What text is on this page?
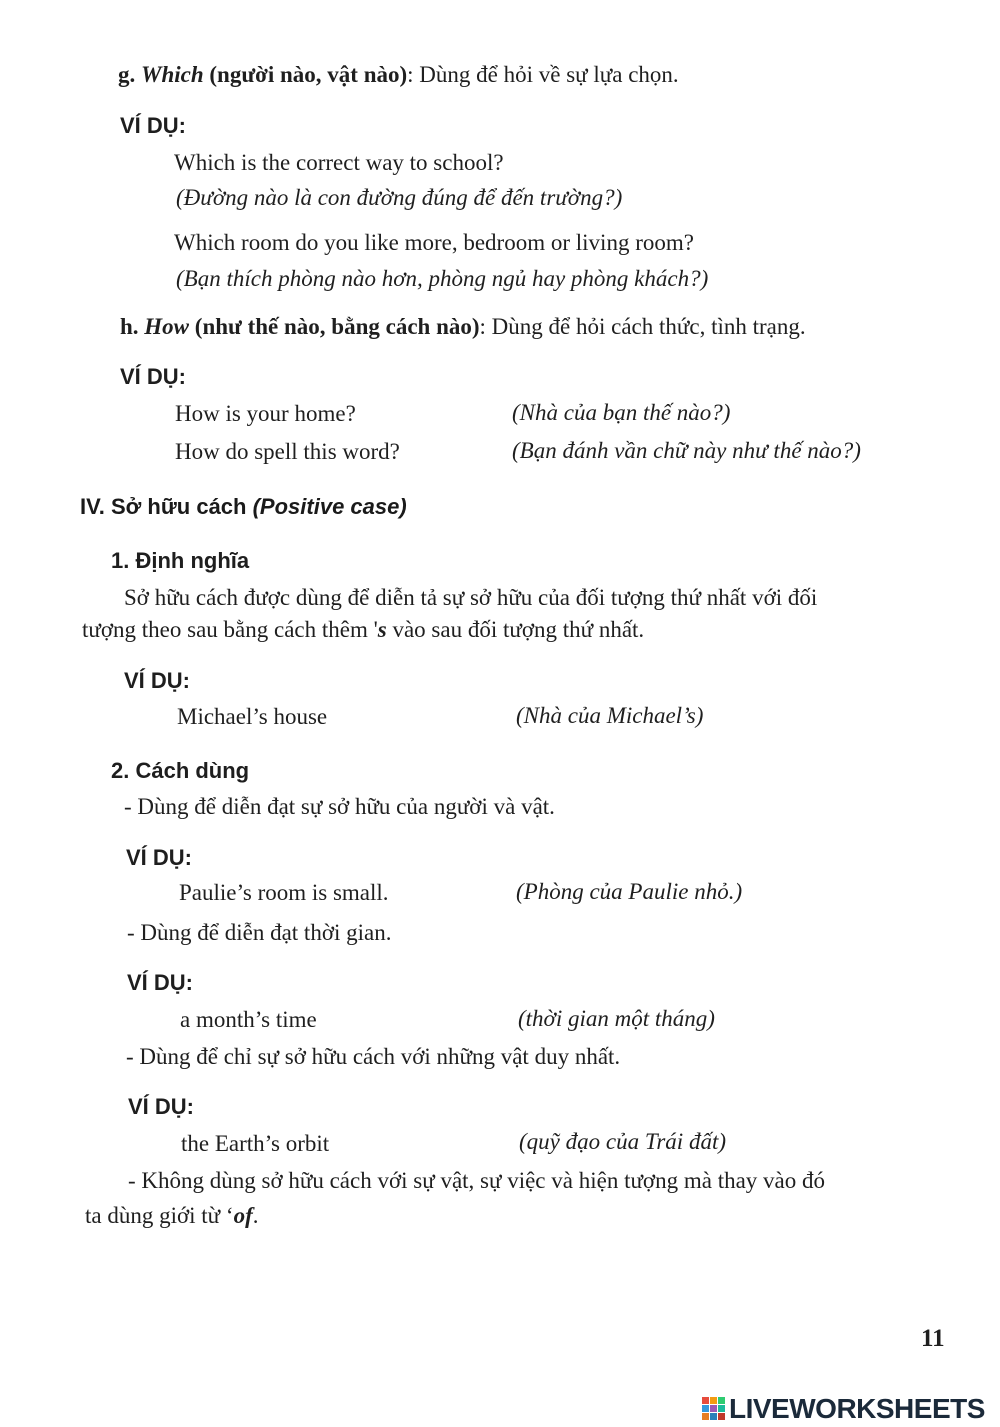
g. Which (người nào, vật nào): Dùng để hỏi về sự lựa chọn.
VÍ DỤ:
Which is the correct way to school?
(Đường nào là con đường đúng để đến trường?)
Which room do you like more, bedroom or living room?
(Bạn thích phòng nào hơn, phòng ngủ hay phòng khách?)
h. How (như thế nào, bằng cách nào): Dùng để hỏi cách thức, tình trạng.
VÍ DỤ:
How is your home?	(Nhà của bạn thế nào?)
How do spell this word?	(Bạn đánh vần chữ này như thế nào?)
IV. Sở hữu cách (Positive case)
1. Định nghĩa
Sở hữu cách được dùng để diễn tả sự sở hữu của đối tượng thứ nhất với đối
tượng theo sau bằng cách thêm 's vào sau đối tượng thứ nhất.
VÍ DỤ:
Michael’s house	(Nhà của Michael’s)
2. Cách dùng
- Dùng để diễn đạt sự sở hữu của người và vật.
VÍ DỤ:
Paulie’s room is small.	(Phòng của Paulie nhỏ.)
- Dùng để diễn đạt thời gian.
VÍ DỤ:
a month’s time	(thời gian một tháng)
- Dùng để chỉ sự sở hữu cách với những vật duy nhất.
VÍ DỤ:
the Earth’s orbit	(quỹ đạo của Trái đất)
- Không dùng sở hữu cách với sự vật, sự việc và hiện tượng mà thay vào đó
ta dùng giới từ ‘of.
11
LIVEWORKSHEETS
